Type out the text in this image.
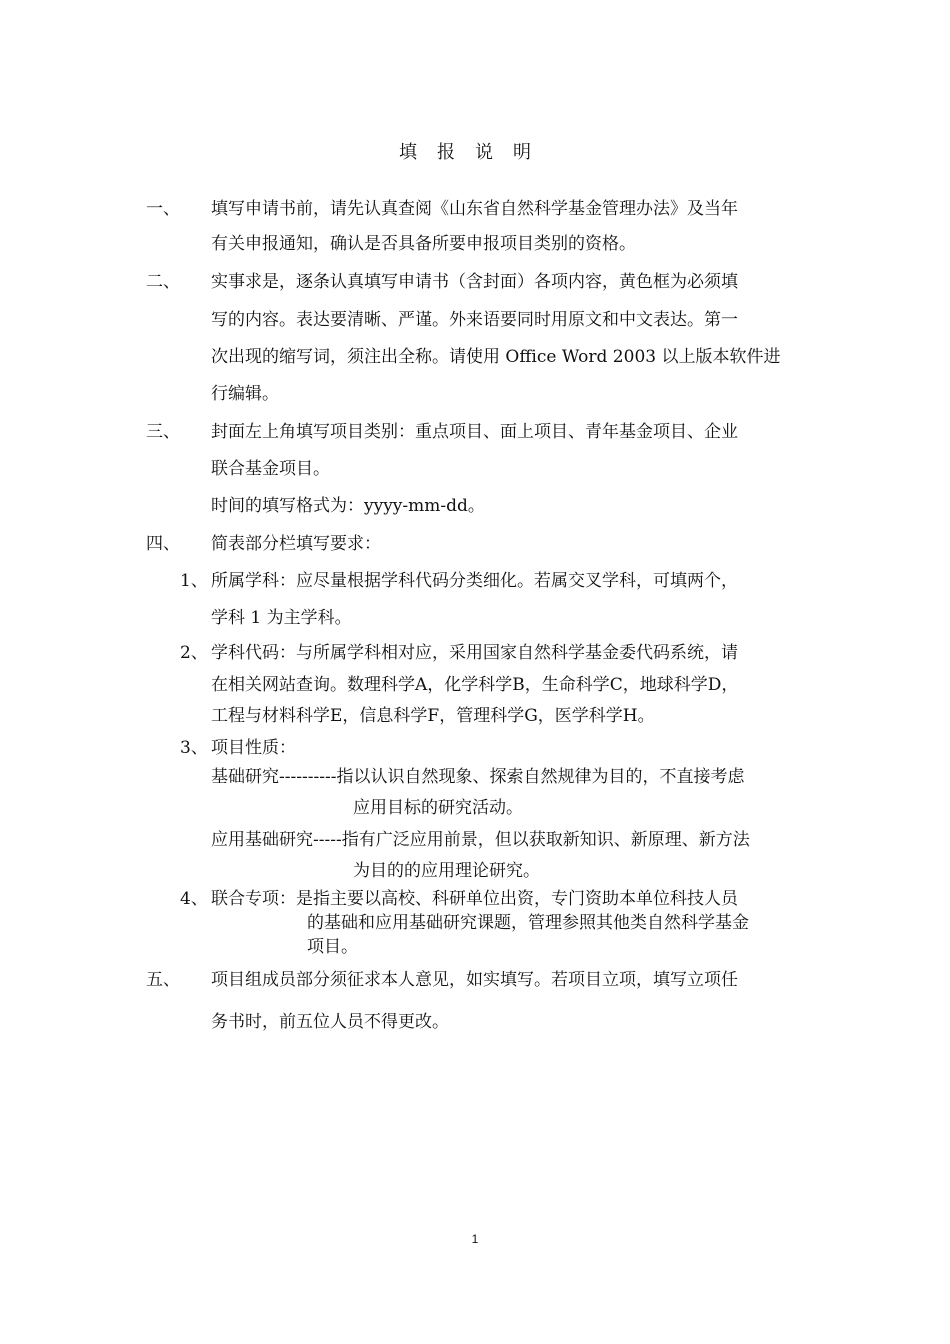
填报说明
一、 填写申请书前，请先认真查阅《山东省自然科学基金管理办法》及当年
有关申报通知，确认是否具备所要申报项目类别的资格。
二、 实事求是，逐条认真填写申请书（含封面）各项内容，黄色框为必须填
写的内容。表达要清晰、严谨。外来语要同时用原文和中文表达。第一
次出现的缩写词，须注出全称。请使用 Office Word 2003 以上版本软件进
行编辑。
三、 封面左上角填写项目类别：重点项目、面上项目、青年基金项目、企业
联合基金项目。
时间的填写格式为：yyyy-mm-dd。
四、 简表部分栏填写要求：
1、 所属学科：应尽量根据学科代码分类细化。若属交叉学科，可填两个，
学科 1 为主学科。
2、 学科代码：与所属学科相对应，采用国家自然科学基金委代码系统，请
在相关网站查询。数理科学A，化学科学B，生命科学C，地球科学D，
工程与材料科学E，信息科学F，管理科学G，医学科学H。
3、 项目性质：
基础研究----------指以认识自然现象、探索自然规律为目的，不直接考虑
应用目标的研究活动。
应用基础研究-----指有广泛应用前景，但以获取新知识、新原理、新方法
为目的的应用理论研究。
4、 联合专项：是指主要以高校、科研单位出资，专门资助本单位科技人员
的基础和应用基础研究课题，管理参照其他类自然科学基金
项目。
五、 项目组成员部分须征求本人意见，如实填写。若项目立项，填写立项任
务书时，前五位人员不得更改。
1
